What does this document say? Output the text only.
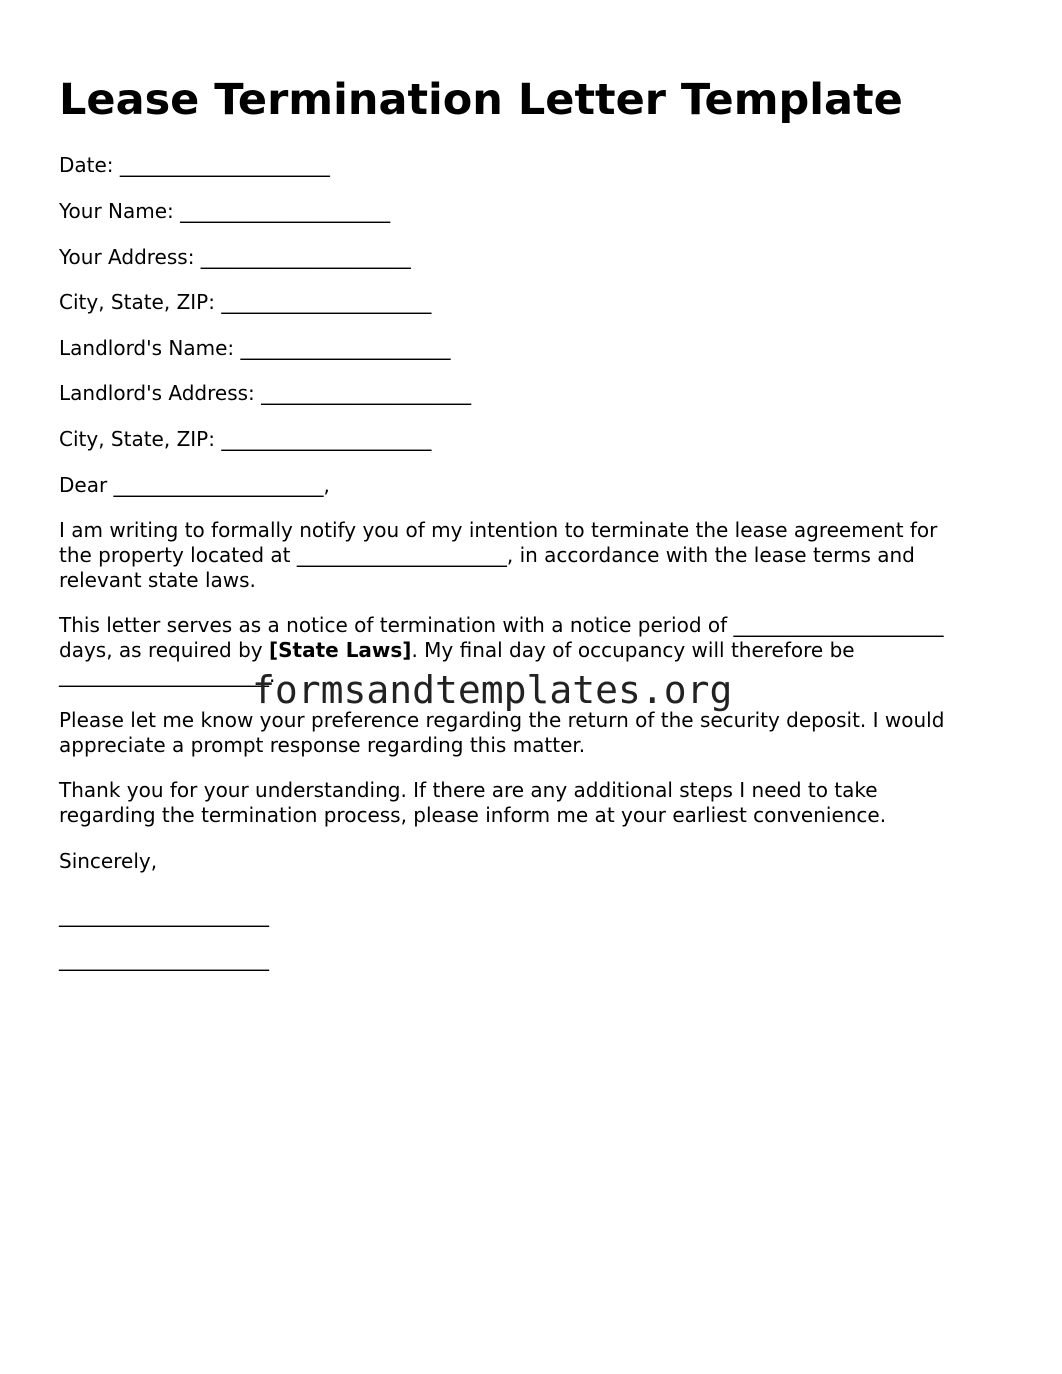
Lease Termination Letter Template

Date: _____________________

Your Name: _____________________

Your Address: _____________________

City, State, ZIP: _____________________

Landlord's Name: _____________________

Landlord's Address: _____________________

City, State, ZIP: _____________________

Dear _____________________,

I am writing to formally notify you of my intention to terminate the lease agreement for
the property located at _____________________, in accordance with the lease terms and
relevant state laws.
This letter serves as a notice of termination with a notice period of _____________________
days, as required by [State Laws]. My final day of occupancy will therefore be
_____________________.
Please let me know your preference regarding the return of the security deposit. I would
appreciate a prompt response regarding this matter.
Thank you for your understanding. If there are any additional steps I need to take
regarding the termination process, please inform me at your earliest convenience.

Sincerely,

_____________________

_____________________

formsandtemplates.org
